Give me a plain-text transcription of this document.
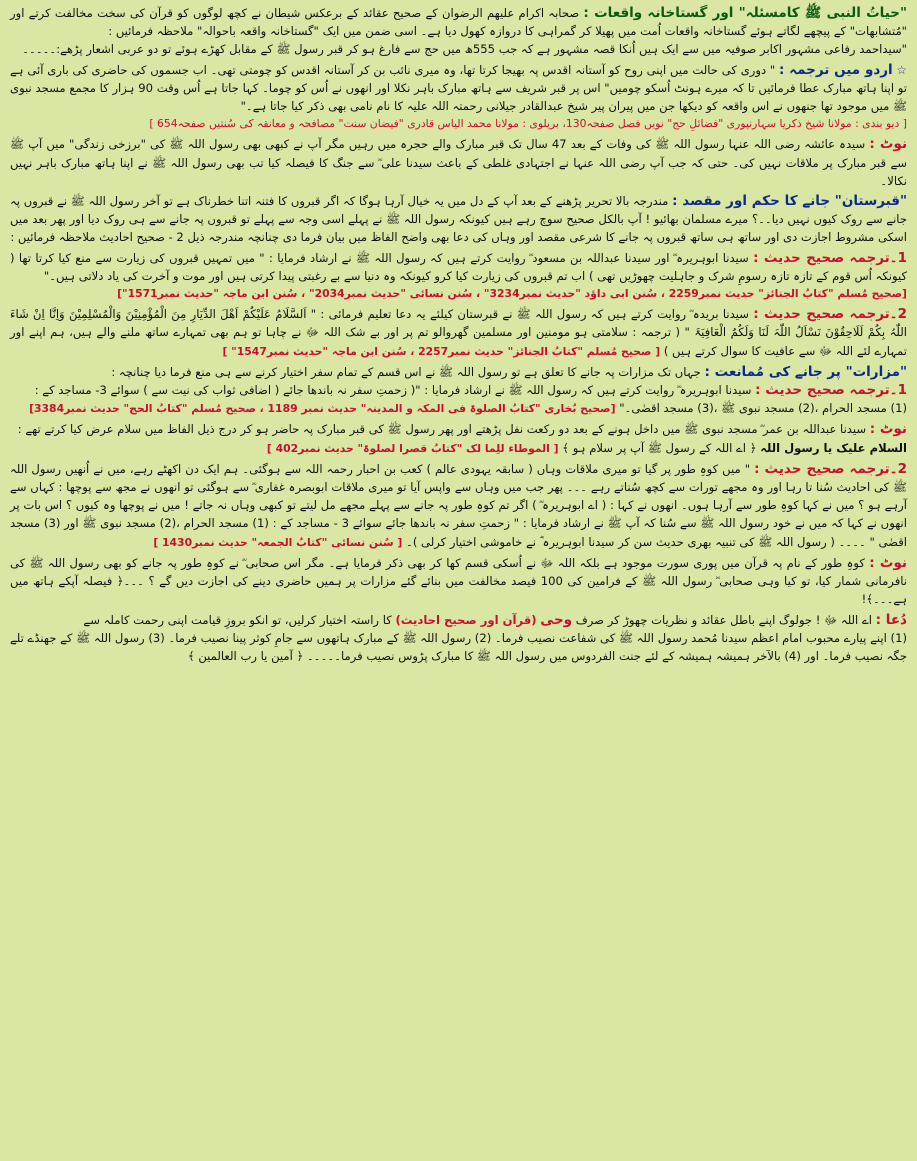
"حیاتُ النبی ﷺ کامسئلہ" اور گستاخانہ واقعات : صحابہ اکرام علیھم الرضوان کے صحیح عقائد کے برعکس شیطان نے کچھ لوگوں کو قرآن کی سخت مخالفت کرتے اور "مُتشابھات" کے پیچھے لگاتے ہوئے گستاخانہ واقعات اُمت میں پھیلا کر گمراہی کا دروازہ کھول دیا ہے۔ اسی ضمن میں ایک "گستاخانہ واقعہ باحوالہ" ملاحظہ فرمائیں :

"سیداحمد رفاعی مشہور اکابر صوفیہ میں سے ایک ہیں اُنکا قصہ مشہور ہے کہ جب 555ھ میں حج سے فارغ ہو کر قبر رسول ﷺ کے مقابل کھڑے ہوئے تو دو عربی اشعار پڑھے:۔۔۔۔۔

☆ اردو میں ترجمہ : " دوری کی حالت میں اپنی روح کو آستانہ اقدس پہ بھیجا کرتا تھا، وہ میری نائب بن کر آستانہ اقدس کو چومتی تھی۔ اب جسموں کی حاضری کی باری آئی ہے تو اپنا ہاتھ مبارک عطا فرمائیں تا کہ میرے ہونٹ اُسکو چومیں" اس پر قبر شریف سے ہاتھ مبارک باہر نکلا اور انھوں نے اُس کو چوما۔ کہا جاتا ہے اُس وقت 90 ہزار کا مجمع مسجد نبوی ﷺ میں موجود تھا جنھوں نے اس واقعہ کو دیکھا جن میں پیران پیر شیخ عبدالقادر جیلانی رحمتہ اللہ علیہ کا نام نامی بھی ذکر کیا جاتا ہے۔"

[ دیو بندی : مولانا شیخ ذکریا سہارنپوری "فضائلِ حج" نویں فصل صفحہ130، بریلوی : مولانا محمد الیاس قادری "فیضان سنت" مصافحہ و معانقہ کی سُنتیں صفحہ654 ]

نوٹ : سیدہ عائشہ رضی اللہ عنہا رسول اللہ ﷺ کی وفات کے بعد 47 سال تک قبر مبارک والے حجرہ میں رہیں مگر آپ نے کبھی بھی رسول اللہ ﷺ کی "برزخی زندگی" میں آپ ﷺ سے قبر مبارک پر ملاقات نہیں کی۔ حتی کہ جب آپ رضی اللہ عنہا نے اجتہادی غلطی کے باعث سیدنا علی ؓ سے جنگ کا فیصلہ کیا تب بھی رسول اللہ ﷺ نے اپنا ہاتھ مبارک باہر نہیں نکالا۔

"قبرستان" جانے کا حکم اور مقصد : مندرجہ بالا تحریر پڑھنے کے بعد آپ کے دل میں یہ خیال آرہا ہوگا کہ اگر قبروں کا فتنہ اتنا خطرناک ہے تو آخر رسول اللہ ﷺ نے قبروں پہ جانے سے روک کیوں نہیں دیا۔۔؟ میرے مسلمان بھائیو ! آپ بالکل صحیح سوچ رہے ہیں کیونکہ رسول اللہ ﷺ نے پہلے اسی وجہ سے پہلے تو قبروں پہ جانے سے ہی روک دیا اور پھر بعد میں اسکی مشروط اجازت دی اور ساتھ ہی ساتھ قبروں پہ جانے کا شرعی مقصد اور وہاں کی دعا بھی واضح الفاظ میں بیان فرما دی چنانچہ مندرجہ ذیل 2 - صحیح احادیث ملاحظہ فرمائیں :

1۔ترجمہ صحیح حدیث : سیدنا ابوہریرہ ؓ اور سیدنا عبداللہ بن مسعود ؓ روایت کرتے ہیں کہ رسول اللہ ﷺ نے ارشاد فرمایا : " میں تمہیں قبروں کی زیارت سے منع کیا کرتا تھا ( کیونکہ اُس قوم کے تازہ تازہ رسومِ شرک و جاہلیت چھوڑیں تھی ) اب تم قبروں کی زیارت کیا کرو کیونکہ وہ دنیا سے بے رغبتی پیدا کرتی ہیں اور موت و آخرت کی یاد دلاتی ہیں۔"

[صحیح مُسلم "کتابُ الجنائز" حدیث نمبر2259 ، سُنن ابی داؤد "حدیث نمبر3234" ، سُنن نسائی "حدیث نمبر2034" ، سُنن ابن ماجہ "حدیث نمبر1571"]

2۔ترجمہ صحیح حدیث : سیدنا بریدہ ؓ روایت کرتے ہیں کہ رسول اللہ ﷺ نے قبرستان کیلئے یہ دعا تعلیم فرمائی : " اَلسَّلَامُ عَلَیْکُمْ اَھْلَ الدِّیَارِ مِنَ الْمُؤْمِنِیْنَ وَالْمُسْلِمِیْنَ وَاِنَّا اِنْ شَاءَ اللّٰہُ بِکُمْ لَلَاحِقُوْنَ نَسْاَلُ اللّٰہَ لَنَا وَلَکُمُ الْعَافِیَۃَ " ( ترجمہ : سلامتی ہو مومنین اور مسلمین گھروالو تم پر اور بے شک اللہ ﷻ نے چاہا تو ہم بھی تمہارے ساتھ ملنے والے ہیں، ہم اپنے اور تمہارے لئے اللہ ﷻ سے عافیت کا سوال کرتے ہیں ) [ صحیح مُسلم "کتابُ الجنائز" حدیث نمبر2257 ، سُنن ابن ماجہ "حدیث نمبر1547" ]

"مزارات" پر جانے کی مُمانعت : جہاں تک مزارات پہ جانے کا تعلق ہے تو رسول اللہ ﷺ نے اس قسم کے تمام سفر اختیار کرنے سے ہی منع فرما دیا چنانچہ :

1۔ترجمہ صحیح حدیث : سیدنا ابوہریرہ ؓ روایت کرتے ہیں کہ رسول اللہ ﷺ نے ارشاد فرمایا : "( زحمتِ سفر نہ باندھا جائے ( اضافی ثواب کی نیت سے ) سوائے 3- مساجد کے :

(1) مسجد الحرام ،(2) مسجد نبوی ﷺ ،(3) مسجد اقصٰی۔" [صحیح بُخاری "کتابُ الصلوۃ فی المکہ و المدینہ" حدیث نمبر 1189 ، صحیح مُسلم "کتابُ الحج" حدیث نمبر3384]

نوٹ : سیدنا عبداللہ بن عمر ؓ مسجد نبوی ﷺ میں داخل ہونے کے بعد دو رکعت نفل پڑھتے اور پھر رسول ﷺ کی قبر مبارک پہ حاضر ہو کر درج ذیل الفاظ میں سلام عرض کیا کرتے تھے :

السلام علیک یا رسول اللہ ﴿ اے اللہ کے رسول ﷺ آپ پر سلام ہو ﴾ [ الموطاء للِما لک "کتابُ قصرا لصلوۃ" حدیث نمبر402 ]

2۔ترجمہ صحیح حدیث : " میں کوہِ طور پر گیا تو میری ملاقات وہاں ( سابقہ یہودی عالم ) کعب بن احبار رحمہ اللہ سے ہوگئی۔ ہم ایک دن اکھٹے رہے، میں نے اُنھیں رسول اللہ ﷺ کی احادیث سُنا تا رہا اور وہ مجھے تورات سے کچھ سُناتے رہے ۔۔۔ پھر جب میں وہاں سے واپس آیا تو میری ملاقات ابوبصرہ غفاری ؓ سے ہوگئی تو انھوں نے مجھ سے پوچھا : کہاں سے آرہے ہو ؟ میں نے کہا کوہِ طور سے آرہا ہوں۔ انھوں نے کہا : ( اے ابوہریرہ ؓ ) اگر تم کوہِ طور پہ جانے سے پہلے مجھے مل لیتے تو کبھی وہاں نہ جاتے ! میں نے پوچھا وہ کیوں ؟ اس بات پر انھوں نے کہا کہ میں نے خود رسول اللہ ﷺ سے سُنا کہ آپ ﷺ نے ارشاد فرمایا : " زحمتِ سفر نہ باندھا جائے سوائے 3 - مساجد کے : (1) مسجد الحرام ،(2) مسجد نبوی ﷺ اور (3) مسجد اقصٰی " ۔۔۔۔ ( رسول اللہ ﷺ کی تنبیہ بھری حدیث سن کر سیدنا ابوہریرہ ؓ نے خاموشی اختیار کرلی )۔ [ سُنن نسائی "کتابُ الجمعہ" حدیث نمبر1430 ]

نوٹ : کوہِ طور کے نام پہ قرآن میں پوری سورت موجود ہے بلکہ اللہ ﷻ نے اُسکی قسم کھا کر بھی ذکر فرمایا ہے۔ مگر اس صحابی ؓ نے کوہِ طور پہ جانے کو بھی رسول اللہ ﷺ کی نافرمانی شمار کیا، تو کیا وہی صحابی ؓ رسول اللہ ﷺ کے فرامین کی 100 فیصد مخالفت میں بنائے گئے مزارات پر ہمیں حاضری دینے کی اجازت دیں گے ؟ ۔۔۔﴿ فیصلہ آپکے ہاتھ میں ہے۔۔۔﴾!

دُعا : اے اللہ ﷻ ! جولوگ اپنے باطل عقائد و نظریات چھوڑ کر صرف وحی (قرآن اور صحیح احادیث) کا راستہ اختیار کرلیں، تو انکو بروزِ قیامت اپنی رحمت کاملہ سے

(1) اپنے پیارے محبوب امام اعظم سیدنا مُحمد رسول اللہ ﷺ کی شفاعت نصیب فرما۔ (2) رسول اللہ ﷺ کے مبارک ہاتھوں سے جامِ کوثر پینا نصیب فرما۔ (3) رسول اللہ ﷺ کے جھنڈے تلے جگہ نصیب فرما۔ اور (4) بالآخر ہمیشہ ہمیشہ کے لئے جنت الفردوس میں رسول اللہ ﷺ کا مبارک پڑوس نصیب فرما۔۔۔۔۔ ﴿ آمین یا رب العالمین ﴾
